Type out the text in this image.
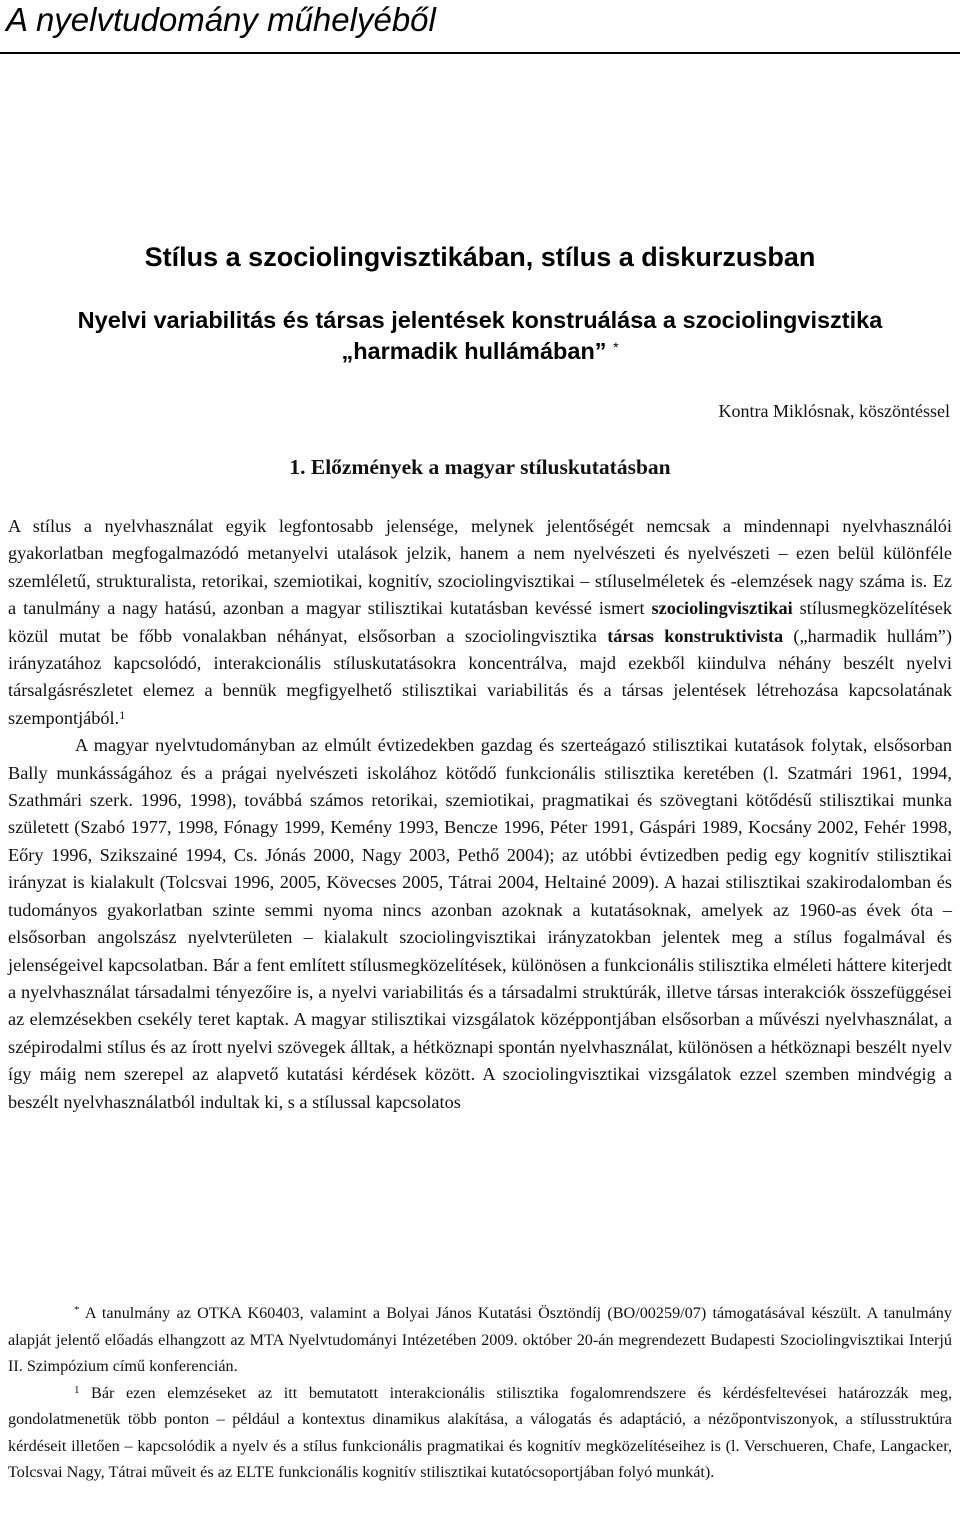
A nyelvtudomány műhelyéből
Stílus a szociolingvisztikában, stílus a diskurzusban
Nyelvi variabilitás és társas jelentések konstruálása a szociolingvisztika
„harmadik hullámában” *
Kontra Miklósnak, köszöntéssel
1. Előzmények a magyar stíluskutatásban

A stílus a nyelvhasználat egyik legfontosabb jelensége, melynek jelentőségét nemcsak a mindennapi nyelvhasználói gyakorlatban megfogalmazódó metanyelvi utalások jelzik, hanem a nem nyelvészeti és nyelvészeti – ezen belül különféle szemléletű, strukturalista, retorikai, szemiotikai, kognitív, szociolingvisztikai – stíluselméletek és -elemzések nagy száma is. Ez a tanulmány a nagy hatású, azonban a magyar stilisztikai kutatásban kevéssé ismert szociolingvisztikai stílusmegközelítések közül mutat be főbb vonalakban néhányat, elsősorban a szociolingvisztika társas konstruktivista („harmadik hullám”) irányzatához kapcsolódó, interakcionális stíluskutatásokra koncentrálva, majd ezekből kiindulva néhány beszélt nyelvi társalgásrészletet elemez a bennük megfigyelhető stilisztikai variabilitás és a társas jelentések létrehozása kapcsolatának szempontjából.$^1$

A magyar nyelvtudományban az elmúlt évtizedekben gazdag és szerteágazó stilisztikai kutatások folytak, elsősorban Bally munkásságához és a prágai nyelvészeti iskolához kötődő funkcionális stilisztika keretében (l. Szatmári 1961, 1994, Szathmári szerk. 1996, 1998), továbbá számos retorikai, szemiotikai, pragmatikai és szövegtani kötődésű stilisztikai munka született (Szabó 1977, 1998, Fónagy 1999, Kemény 1993, Bencze 1996, Péter 1991, Gáspári 1989, Kocsány 2002, Fehér 1998, Eőry 1996, Szikszainé 1994, Cs. Jónás 2000, Nagy 2003, Pethő 2004); az utóbbi évtizedben pedig egy kognitív stilisztikai irányzat is kialakult (Tolcsvai 1996, 2005, Kövecses 2005, Tátrai 2004, Heltainé 2009). A hazai stilisztikai szakirodalomban és tudományos gyakorlatban szinte semmi nyoma nincs azonban azoknak a kutatásoknak, amelyek az 1960-as évek óta – elsősorban angolszász nyelvterületen – kialakult szociolingvisztikai irányzatokban jelentek meg a stílus fogalmával és jelenségeivel kapcsolatban. Bár a fent említett stílusmegközelítések, különösen a funkcionális stilisztika elméleti háttere kiterjedt a nyelvhasználat társadalmi tényezőire is, a nyelvi variabilitás és a társadalmi struktúrák, illetve társas interakciók összefüggései az elemzésekben csekély teret kaptak. A magyar stilisztikai vizsgálatok középpontjában elsősorban a művészi nyelvhasználat, a szépirodalmi stílus és az írott nyelvi szövegek álltak, a hétköznapi spontán nyelvhasználat, különösen a hétköznapi beszélt nyelv így máig nem szerepel az alapvető kutatási kérdések között. A szociolingvisztikai vizsgálatok ezzel szemben mindvégig a beszélt nyelvhasználatból indultak ki, s a stílussal kapcsolatos

* A tanulmány az OTKA K60403, valamint a Bolyai János Kutatási Ösztöndíj (BO/00259/07) támogatásával készült. A tanulmány alapját jelentő előadás elhangzott az MTA Nyelvtudományi Intézetében 2009. október 20-án megrendezett Budapesti Szociolingvisztikai Interjú II. Szimpózium című konferencián.

$^1$ Bár ezen elemzéseket az itt bemutatott interakcionális stilisztika fogalomrendszere és kérdésfeltevései határozzák meg, gondolatmenetük több ponton – például a kontextus dinamikus alakítása, a válogatás és adaptáció, a nézőpontviszonyok, a stílusstruktúra kérdéseit illetően – kapcsolódik a nyelv és a stílus funkcionális pragmatikai és kognitív megközelítéseihez is (l. Verschueren, Chafe, Langacker, Tolcsvai Nagy, Tátrai műveit és az ELTE funkcionális kognitív stilisztikai kutatócsoportjában folyó munkát).
